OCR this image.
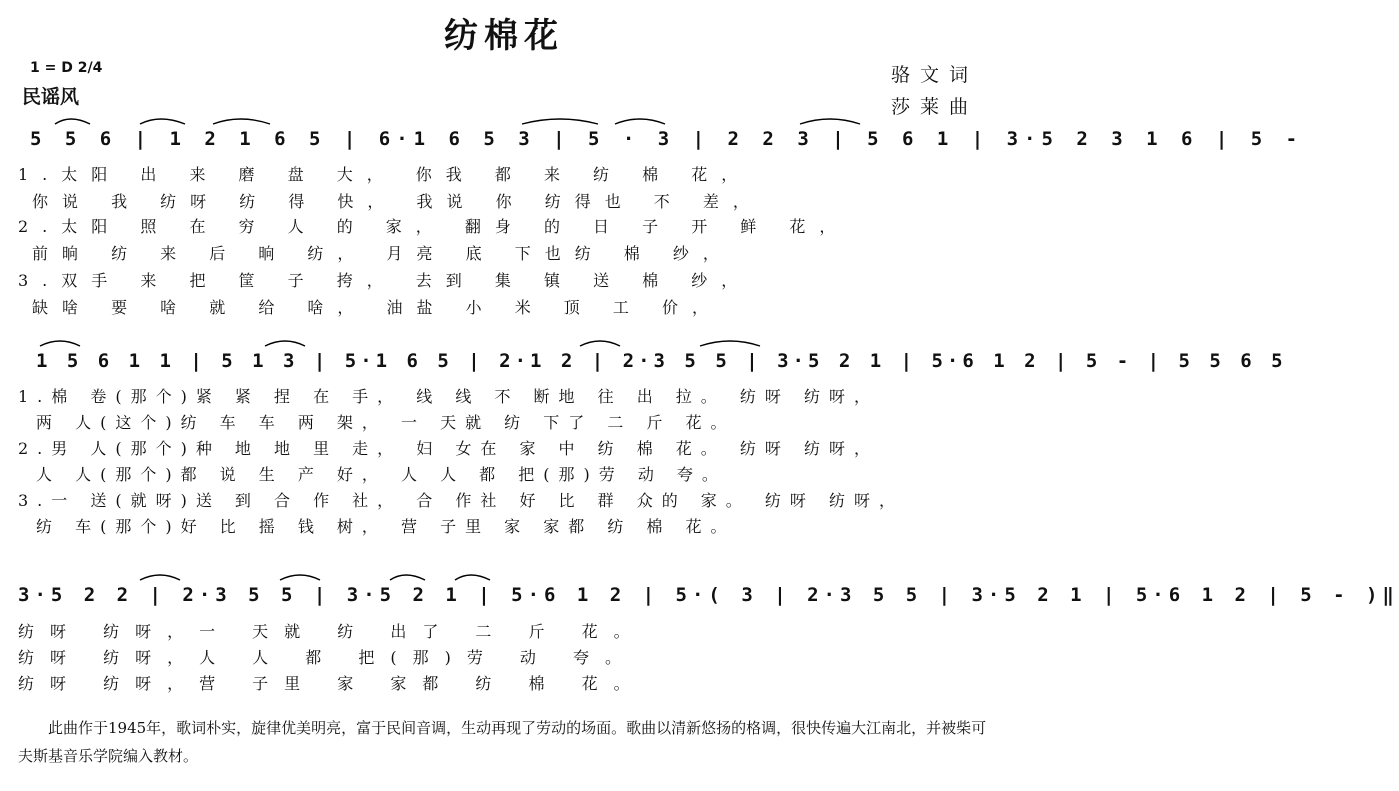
纺棉花
1 = D 2/4
民谣风
骆文词
莎莱曲
5 5 6 | 1 2 1 6 5 | 6·1 6 5 3 | 5 · 3 | 2 2 3 | 5 6 1 | 3·5 2 3 1 6 | 5 -
1.太阳 出 来 磨 盘 大， 你我 都 来 纺 棉 花，
你说 我 纺呀 纺 得 快， 我说 你 纺得也 不 差，
2.太阳 照 在 穷 人 的 家， 翻身 的 日 子 开 鲜 花，
前晌 纺 来 后 晌 纺， 月亮 底 下也纺 棉 纱，
3.双手 来 把 筐 子 挎， 去到 集 镇 送 棉 纱，
缺啥 要 啥 就 给 啥， 油盐 小 米 顶 工 价，
1 5 6 1 1 | 5 1 3 | 5·1 6 5 | 2·1 2 | 2·3 5 5 | 3·5 2 1 | 5·6 1 2 | 5 - | 5 5 6 5
1.棉 卷(那个)紧 紧 捏 在 手， 线 线 不 断地 往 出 拉。 纺呀 纺呀，
两 人(这个)纺 车 车 两 架， 一 天就 纺 下了 二 斤 花。
2.男 人(那个)种 地 地 里 走， 妇 女在 家 中 纺 棉 花。 纺呀 纺呀，
人 人(那个)都 说 生 产 好， 人 人 都 把(那)劳 动 夸。
3.一 送(就呀)送 到 合 作 社， 合 作社 好 比 群 众的 家。 纺呀 纺呀，
纺 车(那个)好 比 摇 钱 树， 营 子里 家 家都 纺 棉 花。
3·5 2 2 | 2·3 5 5 | 3·5 2 1 | 5·6 1 2 | 5·( 3 | 2·3 5 5 | 3·5 2 1 | 5·6 1 2 | 5 - )‖
纺呀 纺呀，一 天就 纺 出了 二 斤 花。
纺呀 纺呀，人 人 都 把(那)劳 动 夸。
纺呀 纺呀，营 子里 家 家都 纺 棉 花。
此曲作于1945年，歌词朴实，旋律优美明亮，富于民间音调，生动再现了劳动的场面。歌曲以清新悠扬的格调，很快传遍大江南北，并被柴可夫斯基音乐学院编入教材。
